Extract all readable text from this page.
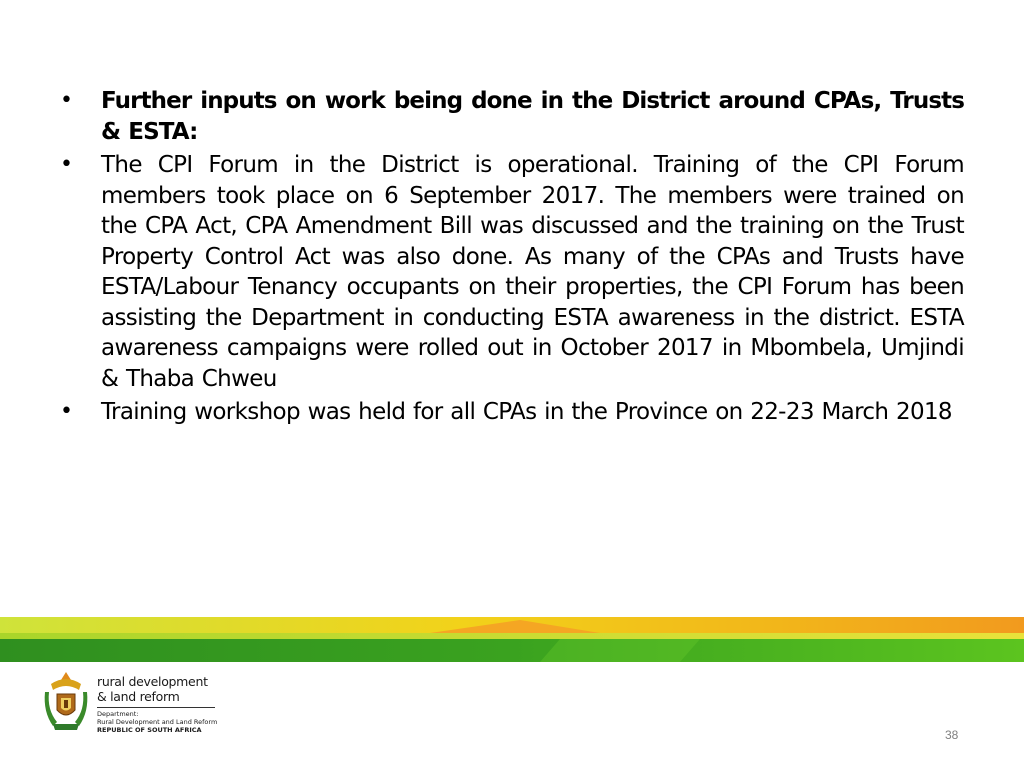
•	Further inputs on work being done in the District around CPAs, Trusts & ESTA:
•	The CPI Forum in the District is operational. Training of the CPI Forum members took place on 6 September 2017. The members were trained on the CPA Act, CPA Amendment Bill was discussed and the training on the Trust Property Control Act was also done. As many of the CPAs and Trusts have ESTA/Labour Tenancy occupants on their properties, the CPI Forum has been assisting the Department in conducting ESTA awareness in the district. ESTA awareness campaigns were rolled out in October 2017 in Mbombela, Umjindi & Thaba Chweu
•	Training workshop was held for all CPAs in the Province on 22-23 March 2018
rural development
& land reform
Department:
Rural Development and Land Reform
REPUBLIC OF SOUTH AFRICA	38
